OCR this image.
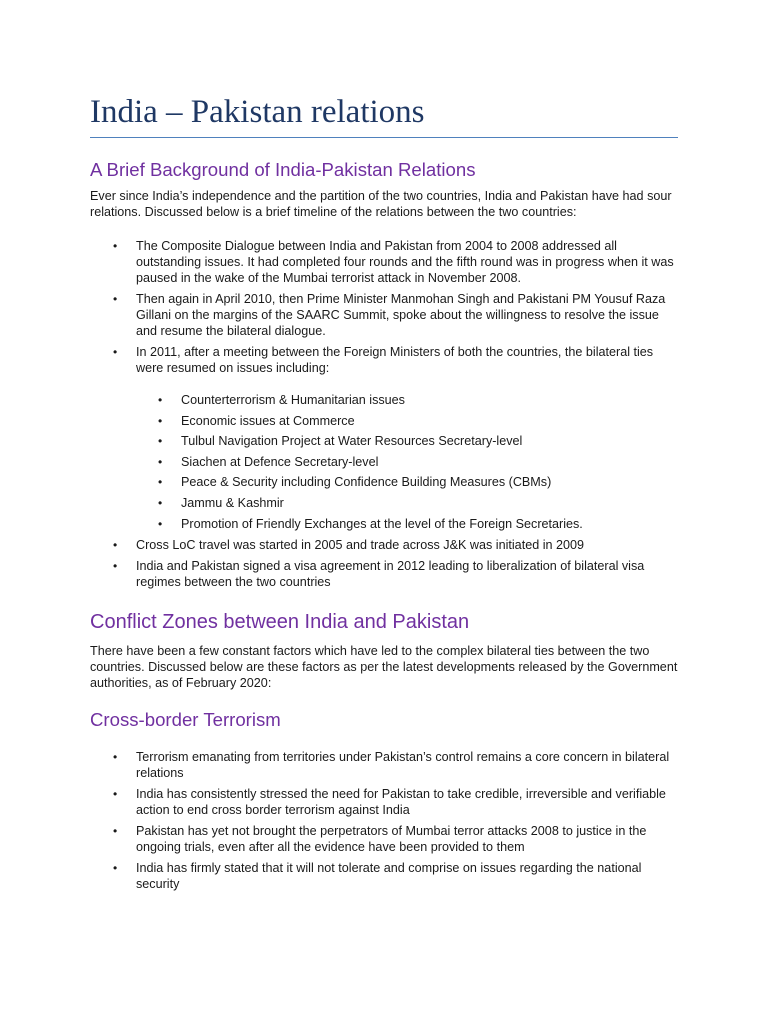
India – Pakistan relations
A Brief Background of India-Pakistan Relations

Ever since India’s independence and the partition of the two countries, India and Pakistan have had sour relations. Discussed below is a brief timeline of the relations between the two countries:

• The Composite Dialogue between India and Pakistan from 2004 to 2008 addressed all outstanding issues. It had completed four rounds and the fifth round was in progress when it was paused in the wake of the Mumbai terrorist attack in November 2008.
• Then again in April 2010, then Prime Minister Manmohan Singh and Pakistani PM Yousuf Raza Gillani on the margins of the SAARC Summit, spoke about the willingness to resolve the issue and resume the bilateral dialogue.
• In 2011, after a meeting between the Foreign Ministers of both the countries, the bilateral ties were resumed on issues including:
• Counterterrorism & Humanitarian issues
• Economic issues at Commerce
• Tulbul Navigation Project at Water Resources Secretary-level
• Siachen at Defence Secretary-level
• Peace & Security including Confidence Building Measures (CBMs)
• Jammu & Kashmir
• Promotion of Friendly Exchanges at the level of the Foreign Secretaries.
• Cross LoC travel was started in 2005 and trade across J&K was initiated in 2009
• India and Pakistan signed a visa agreement in 2012 leading to liberalization of bilateral visa regimes between the two countries
Conflict Zones between India and Pakistan

There have been a few constant factors which have led to the complex bilateral ties between the two countries. Discussed below are these factors as per the latest developments released by the Government authorities, as of February 2020:

Cross-border Terrorism
• Terrorism emanating from territories under Pakistan’s control remains a core concern in bilateral relations
• India has consistently stressed the need for Pakistan to take credible, irreversible and verifiable action to end cross border terrorism against India
• Pakistan has yet not brought the perpetrators of Mumbai terror attacks 2008 to justice in the ongoing trials, even after all the evidence have been provided to them
• India has firmly stated that it will not tolerate and comprise on issues regarding the national security
